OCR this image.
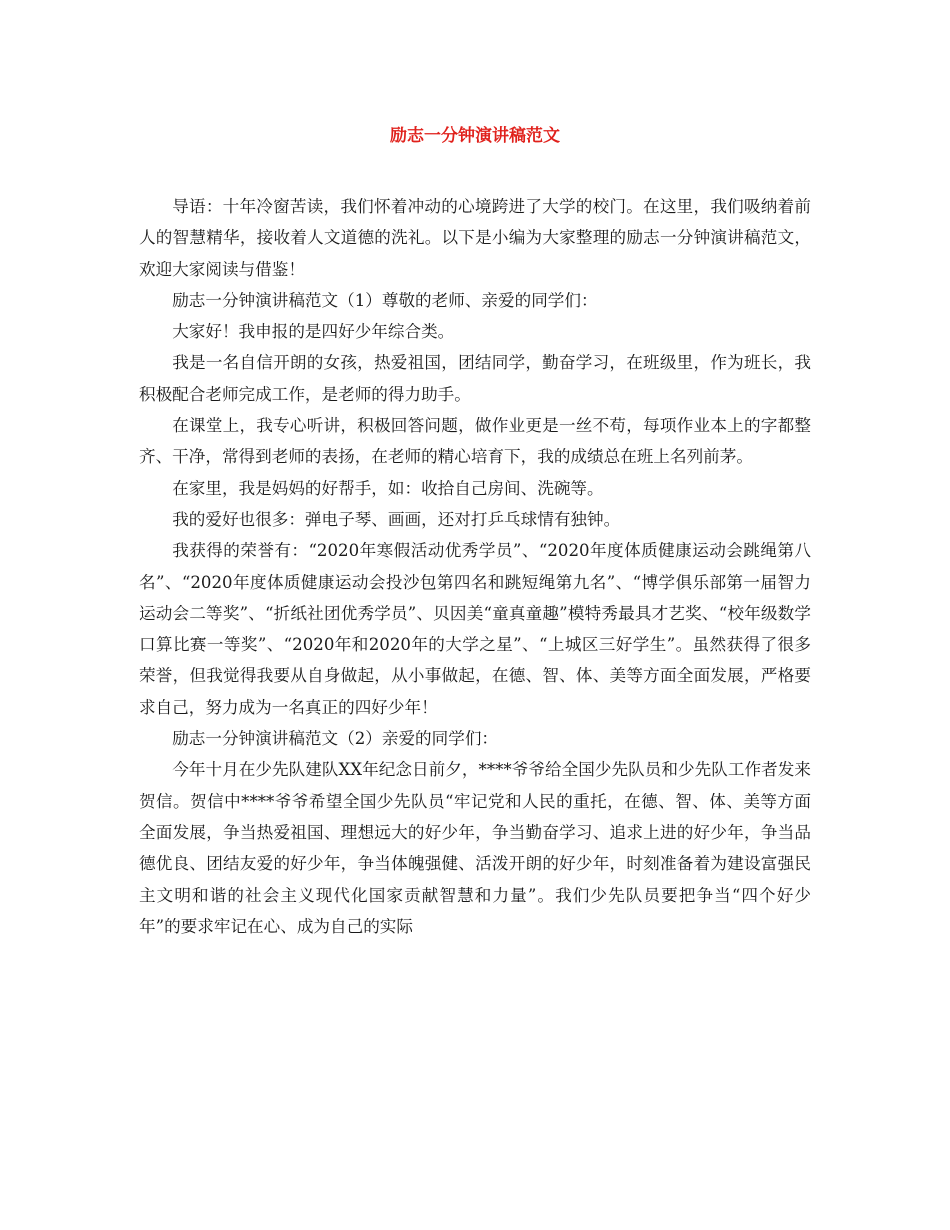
励志一分钟演讲稿范文

导语：十年冷窗苦读，我们怀着冲动的心境跨进了大学的校门。在这里，我们吸纳着前人的智慧精华，接收着人文道德的洗礼。以下是小编为大家整理的励志一分钟演讲稿范文，欢迎大家阅读与借鉴！

励志一分钟演讲稿范文（1）尊敬的老师、亲爱的同学们：

大家好！我申报的是四好少年综合类。

我是一名自信开朗的女孩，热爱祖国，团结同学，勤奋学习，在班级里，作为班长，我积极配合老师完成工作，是老师的得力助手。

在课堂上，我专心听讲，积极回答问题，做作业更是一丝不苟，每项作业本上的字都整齐、干净，常得到老师的表扬，在老师的精心培育下，我的成绩总在班上名列前茅。

在家里，我是妈妈的好帮手，如：收拾自己房间、洗碗等。

我的爱好也很多：弹电子琴、画画，还对打乒乓球情有独钟。

我获得的荣誉有：“2020年寒假活动优秀学员”、“2020年度体质健康运动会跳绳第八名”、“2020年度体质健康运动会投沙包第四名和跳短绳第九名”、“博学俱乐部第一届智力运动会二等奖”、“折纸社团优秀学员”、贝因美“童真童趣”模特秀最具才艺奖、“校年级数学口算比赛一等奖”、“2020年和2020年的大学之星”、“上城区三好学生”。虽然获得了很多荣誉，但我觉得我要从自身做起，从小事做起，在德、智、体、美等方面全面发展，严格要求自己，努力成为一名真正的四好少年！

励志一分钟演讲稿范文（2）亲爱的同学们：

今年十月在少先队建队XX年纪念日前夕，****爷爷给全国少先队员和少先队工作者发来贺信。贺信中****爷爷希望全国少先队员“牢记党和人民的重托，在德、智、体、美等方面全面发展，争当热爱祖国、理想远大的好少年，争当勤奋学习、追求上进的好少年，争当品德优良、团结友爱的好少年，争当体魄强健、活泼开朗的好少年，时刻准备着为建设富强民主文明和谐的社会主义现代化国家贡献智慧和力量”。我们少先队员要把争当“四个好少年”的要求牢记在心、成为自己的实际
